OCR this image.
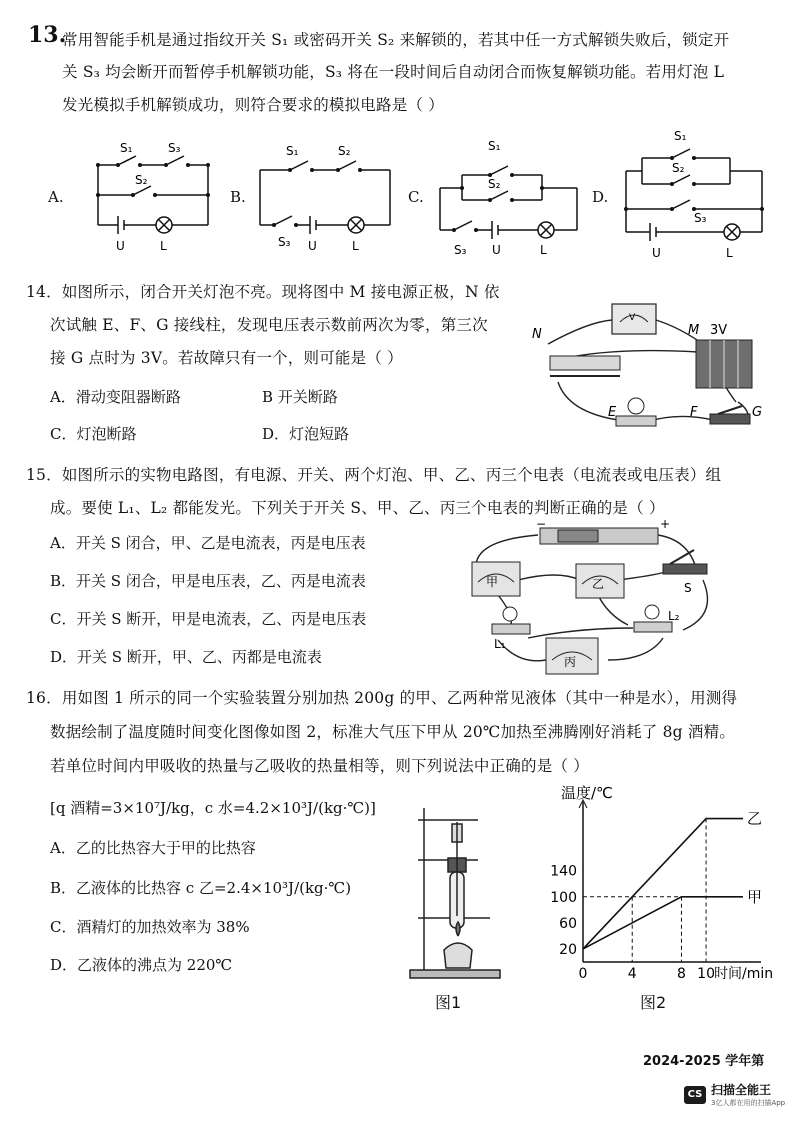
13.
常用智能手机是通过指纹开关 S₁ 或密码开关 S₂ 来解锁的，若其中任一方式解锁失败后，锁定开
关 S₃ 均会断开而暂停手机解锁功能，S₃ 将在一段时间后自动闭合而恢复解锁功能。若用灯泡 L
发光模拟手机解锁成功，则符合要求的模拟电路是（ ）
A.	B.	C.	D.
S₁	S₃
S₂
U	L
S₁	S₂
S₃ U	L
S₁
S₂
S₃ U	L
S₁
S₂
S₃
U	L
14．如图所示，闭合开关灯泡不亮。现将图中 M 接电源正极，N 依
次试触 E、F、G 接线柱，发现电压表示数前两次为零，第三次
接 G 点时为 3V。若故障只有一个，则可能是（ ）
A．滑动变阻器断路	B 开关断路
C．灯泡断路	D．灯泡短路
V
N	M 3V
E	F	G
15．如图所示的实物电路图，有电源、开关、两个灯泡、甲、乙、丙三个电表（电流表或电压表）组
成。要使 L₁、L₂ 都能发光。下列关于开关 S、甲、乙、丙三个电表的判断正确的是（ ）
A．开关 S 闭合，甲、乙是电流表，丙是电压表
B．开关 S 闭合，甲是电压表，乙、丙是电流表
C．开关 S 断开，甲是电流表，乙、丙是电压表
D．开关 S 断开，甲、乙、丙都是电流表
−	+
甲	乙
丙
S
L₁
L₂
16．用如图 1 所示的同一个实验装置分别加热 200g 的甲、乙两种常见液体（其中一种是水），用测得
数据绘制了温度随时间变化图像如图 2，标准大气压下甲从 20℃加热至沸腾刚好消耗了 8g 酒精。
若单位时间内甲吸收的热量与乙吸收的热量相等，则下列说法中正确的是（ ）
[q 酒精=3×10⁷J/kg，c 水=4.2×10³J/(kg·℃)]
A．乙的比热容大于甲的比热容
B．乙液体的比热容 c 乙=2.4×10³J/(kg·℃)
C．酒精灯的加热效率为 38%
D．乙液体的沸点为 220℃
图1
20
60
100
140
0	4	8 10
温度/℃
时间/min
乙
甲
图2
2024-2025 学年第
CS 扫描全能王
3亿人都在用的扫描App
